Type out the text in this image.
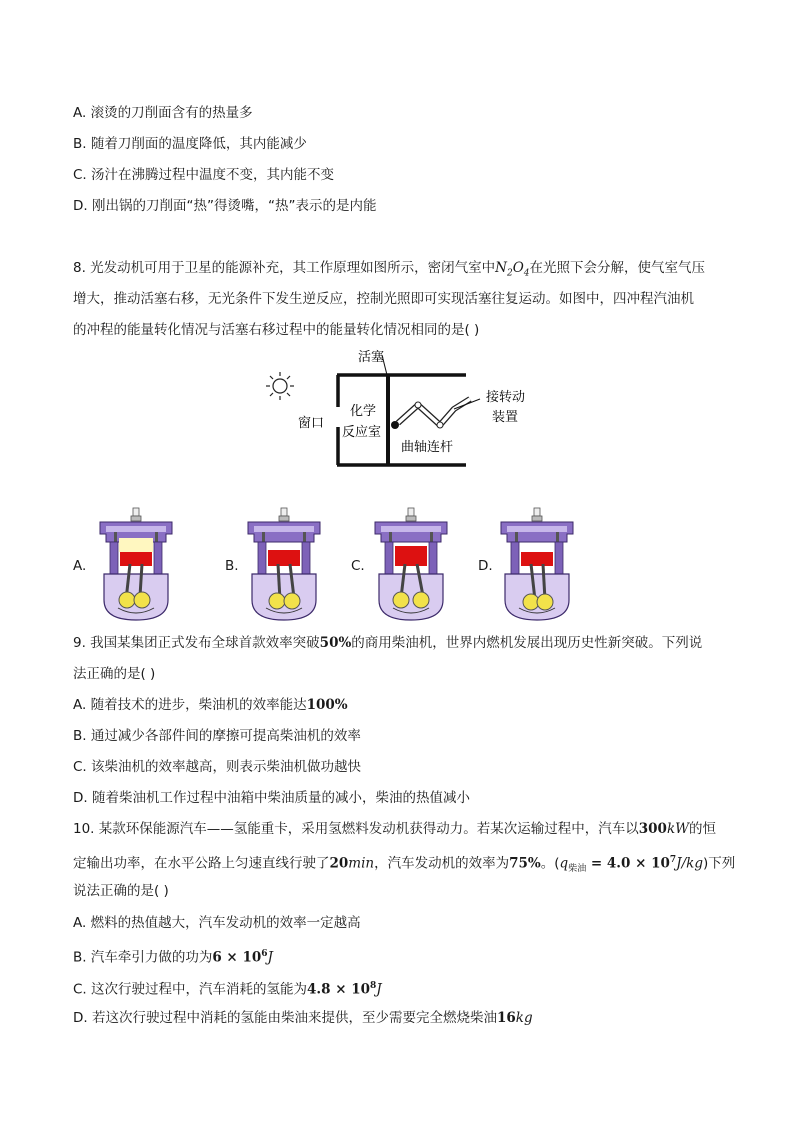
A. 滚烫的刀削面含有的热量多
B. 随着刀削面的温度降低，其内能减少
C. 汤汁在沸腾过程中温度不变，其内能不变
D. 刚出锅的刀削面“热”得烫嘴，“热”表示的是内能
8. 光发动机可用于卫星的能源补充，其工作原理如图所示，密闭气室中$N_2O_4$在光照下会分解，使气室气压
增大，推动活塞右移，无光条件下发生逆反应，控制光照即可实现活塞往复运动。如图中，四冲程汽油机
的冲程的能量转化情况与活塞右移过程中的能量转化情况相同的是( )
活塞
窗口
化学
反应室
曲轴连杆
接转动
装置
A.	B.	C.	D.
9. 我国某集团正式发布全球首款效率突破50%的商用柴油机，世界内燃机发展出现历史性新突破。下列说
法正确的是( )
A. 随着技术的进步，柴油机的效率能达100%
B. 通过减少各部件间的摩擦可提高柴油机的效率
C. 该柴油机的效率越高，则表示柴油机做功越快
D. 随着柴油机工作过程中油箱中柴油质量的减小，柴油的热值减小
10. 某款环保能源汽车——氢能重卡，采用氢燃料发动机获得动力。若某次运输过程中，汽车以300kW的恒
定输出功率，在水平公路上匀速直线行驶了20min，汽车发动机的效率为75%。$(q_{柴油} = 4.0 \times 10^7J/kg)$下列
说法正确的是( )
A. 燃料的热值越大，汽车发动机的效率一定越高
B. 汽车牵引力做的功为$6 \times 10^6J$
C. 这次行驶过程中，汽车消耗的氢能为$4.8 \times 10^8J$
D. 若这次行驶过程中消耗的氢能由柴油来提供，至少需要完全燃烧柴油16kg
